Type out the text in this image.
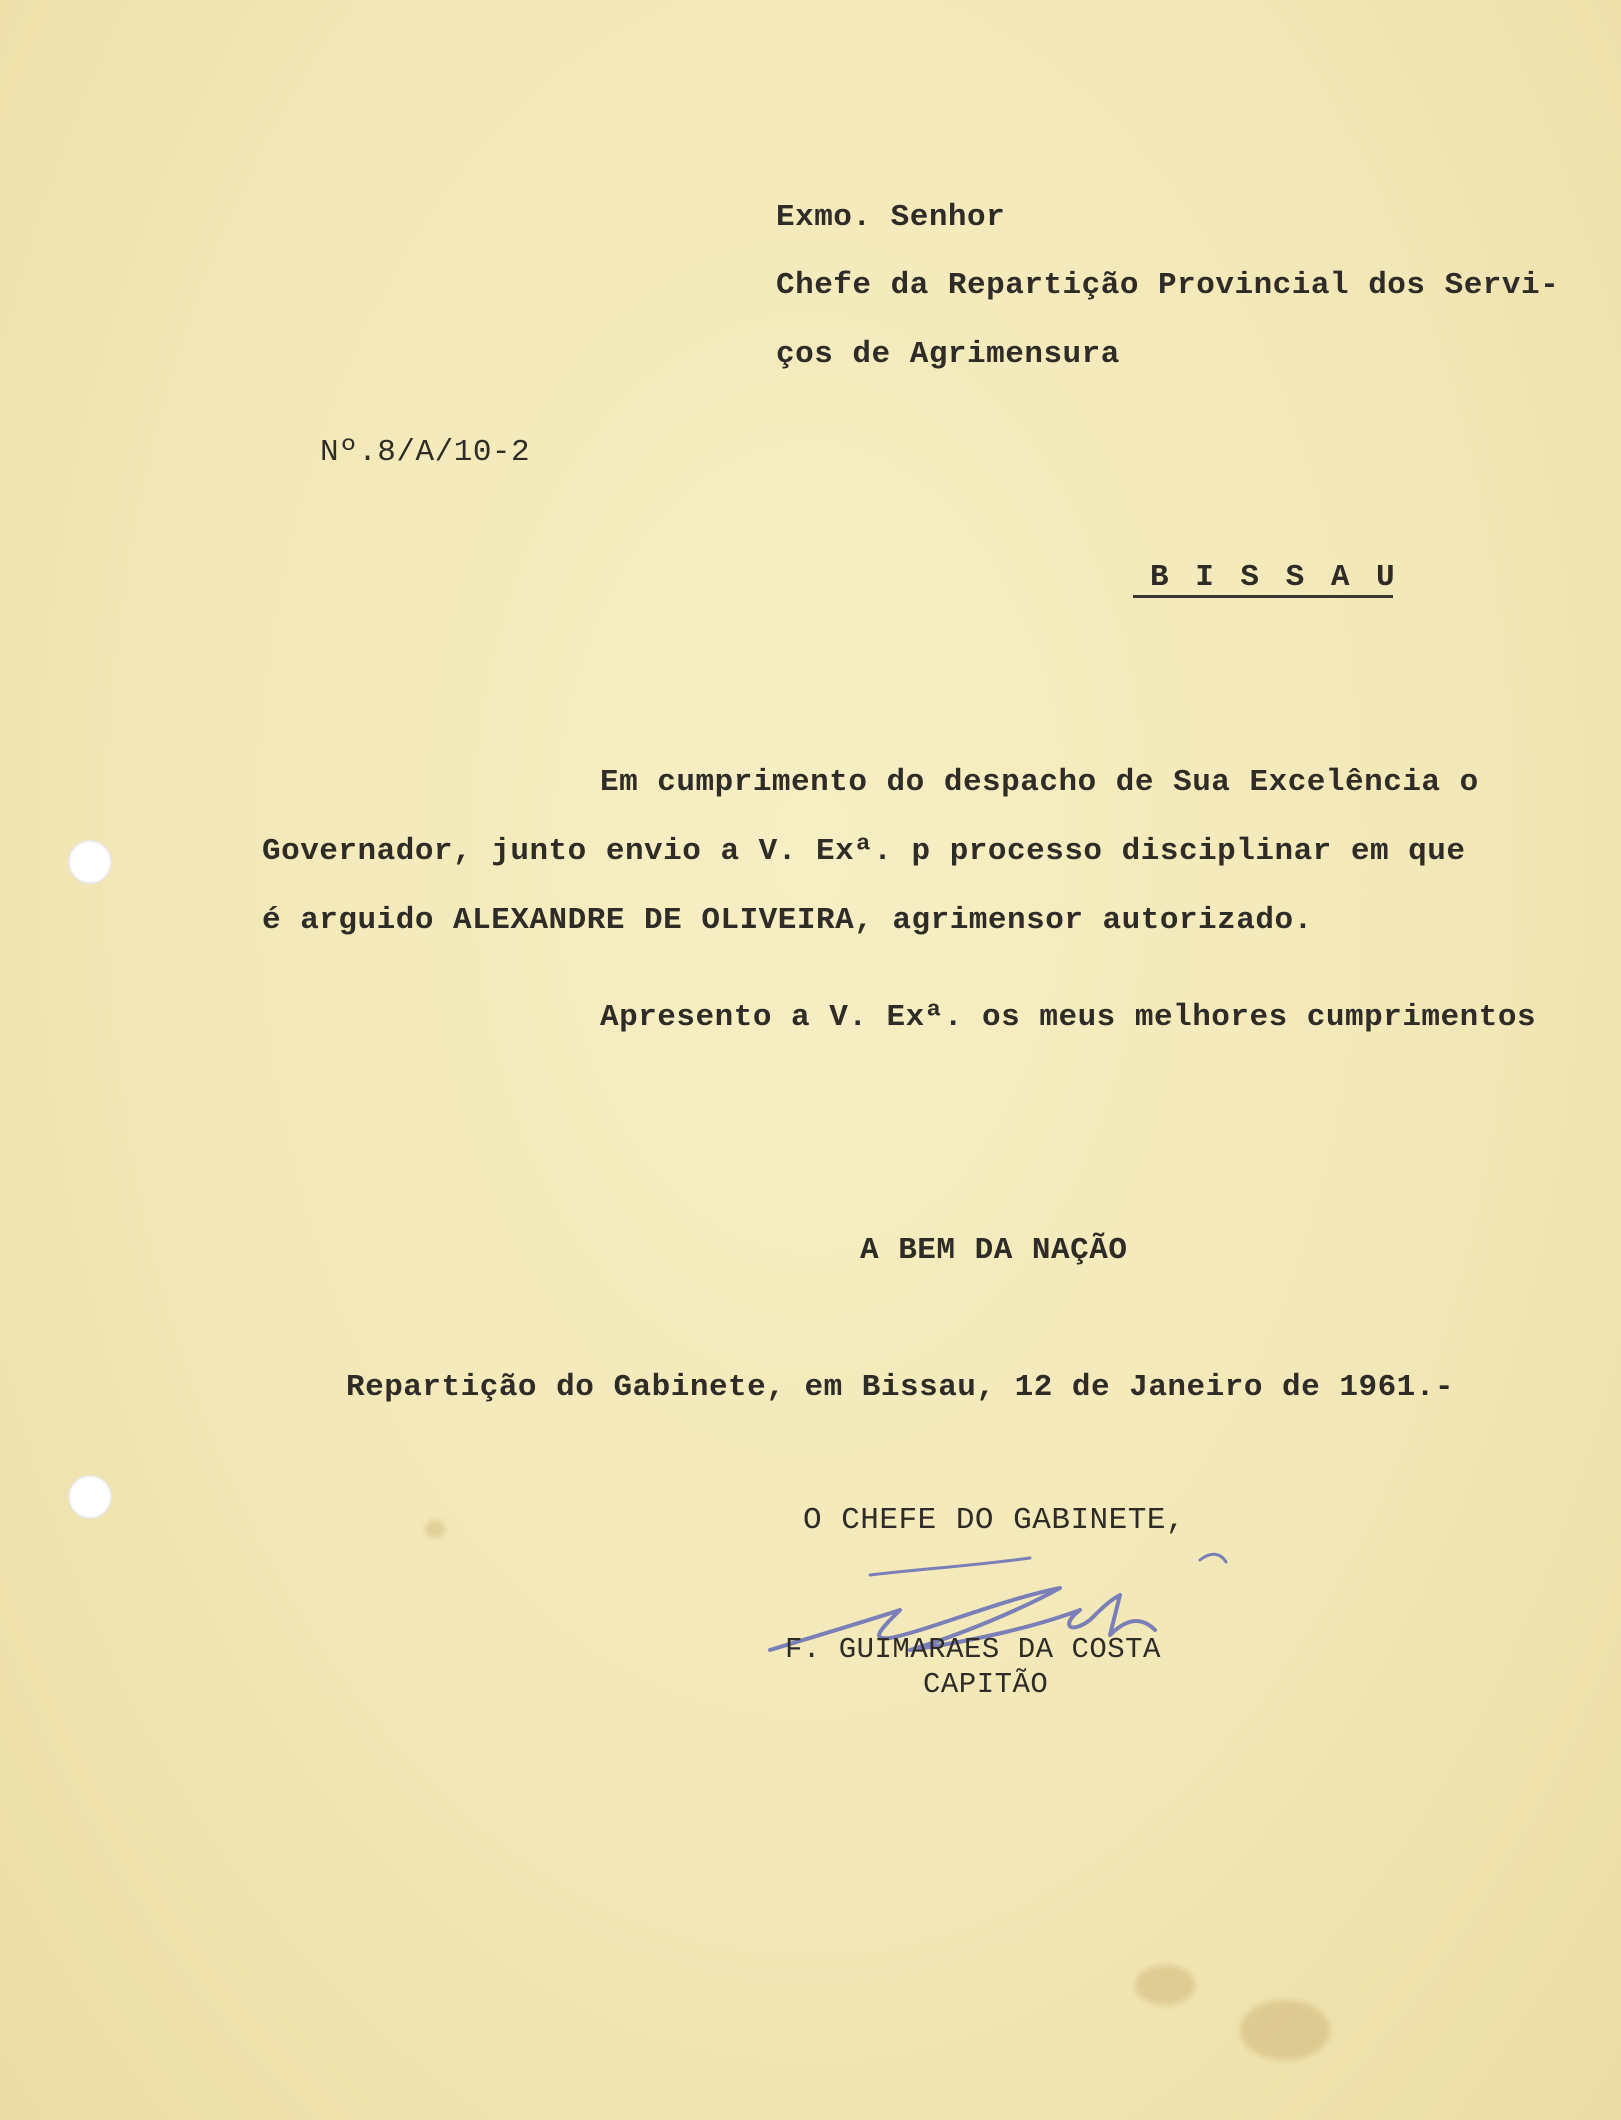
Exmo. Senhor
Chefe da Repartição Provincial dos Servi-
ços de Agrimensura
Nº.8/A/10-2
B I S S A U
Em cumprimento do despacho de Sua Excelência o
Governador, junto envio a V. Exª. p processo disciplinar em que
é arguido ALEXANDRE DE OLIVEIRA, agrimensor autorizado.
Apresento a V. Exª. os meus melhores cumprimentos
A BEM DA NAÇÃO
Repartição do Gabinete, em Bissau, 12 de Janeiro de 1961.-
O CHEFE DO GABINETE,
F. GUIMARAES DA COSTA
CAPITÃO
